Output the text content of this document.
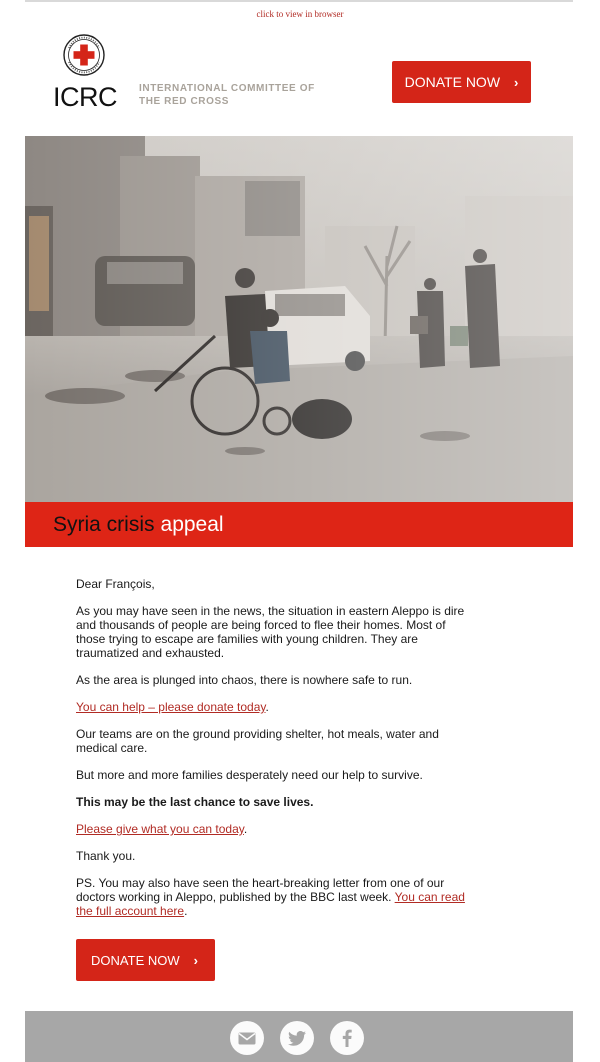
click to view in browser
ICRC INTERNATIONAL COMMITTEE OF
THE RED CROSS
DONATE NOW ›
Syria crisis appeal

Dear François,

As you may have seen in the news, the situation in eastern Aleppo is dire and thousands of people are being forced to flee their homes. Most of those trying to escape are families with young children. They are traumatized and exhausted.

As the area is plunged into chaos, there is nowhere safe to run.

You can help – please donate today.

Our teams are on the ground providing shelter, hot meals, water and medical care.

But more and more families desperately need our help to survive.

This may be the last chance to save lives.

Please give what you can today.

Thank you.

PS. You may also have seen the heart-breaking letter from one of our doctors working in Aleppo, published by the BBC last week. You can read the full account here.

DONATE NOW ›
